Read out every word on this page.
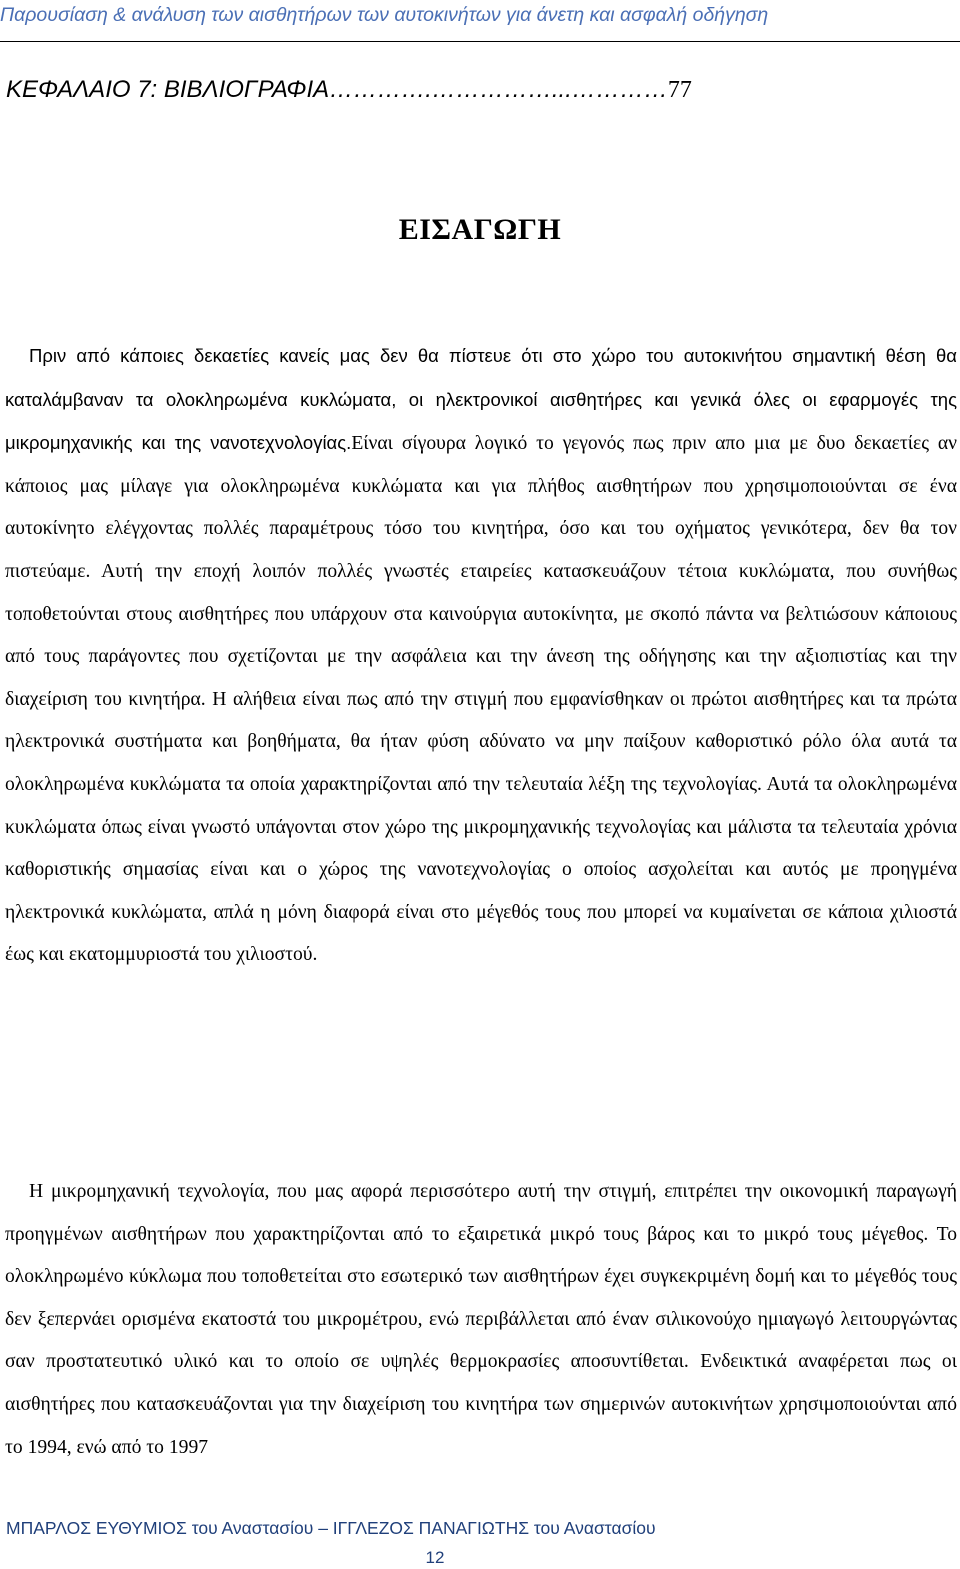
Παρουσίαση & ανάλυση των αισθητήρων των αυτοκινήτων για άνετη και ασφαλή οδήγηση
ΚΕΦΑΛΑΙΟ 7: ΒΙΒΛΙΟΓΡΑΦΙΑ………….……………...…………77
ΕΙΣΑΓΩΓΗ

Πριν από κάποιες δεκαετίες κανείς μας δεν θα πίστευε ότι στο χώρο του αυτοκινήτου σημαντική θέση θα καταλάμβαναν τα ολοκληρωμένα κυκλώματα, οι ηλεκτρονικοί αισθητήρες και γενικά όλες οι εφαρμογές της μικρομηχανικής και της νανοτεχνολογίας.Είναι σίγουρα λογικό το γεγονός πως πριν απο μια με δυο δεκαετίες αν κάποιος μας μίλαγε για ολοκληρωμένα κυκλώματα και για πλήθος αισθητήρων που χρησιμοποιούνται σε ένα αυτοκίνητο ελέγχοντας πολλές παραμέτρους τόσο του κινητήρα, όσο και του οχήματος γενικότερα, δεν θα τον πιστεύαμε. Αυτή την εποχή λοιπόν πολλές γνωστές εταιρείες κατασκευάζουν τέτοια κυκλώματα, που συνήθως τοποθετούνται στους αισθητήρες που υπάρχουν στα καινούργια αυτοκίνητα, με σκοπό πάντα να βελτιώσουν κάποιους από τους παράγοντες που σχετίζονται με την ασφάλεια και την άνεση της οδήγησης και την αξιοπιστίας και την διαχείριση του κινητήρα. Η αλήθεια είναι πως από την στιγμή που εμφανίσθηκαν οι πρώτοι αισθητήρες και τα πρώτα ηλεκτρονικά συστήματα και βοηθήματα, θα ήταν φύση αδύνατο να μην παίξουν καθοριστικό ρόλο όλα αυτά τα ολοκληρωμένα κυκλώματα τα οποία χαρακτηρίζονται από την τελευταία λέξη της τεχνολογίας. Αυτά τα ολοκληρωμένα κυκλώματα όπως είναι γνωστό υπάγονται στον χώρο της μικρομηχανικής τεχνολογίας και μάλιστα τα τελευταία χρόνια καθοριστικής σημασίας είναι και ο χώρος της νανοτεχνολογίας ο οποίος ασχολείται και αυτός με προηγμένα ηλεκτρονικά κυκλώματα, απλά η μόνη διαφορά είναι στο μέγεθός τους που μπορεί να κυμαίνεται σε κάποια χιλιοστά έως και εκατομμυριοστά του χιλιοστού.

Η μικρομηχανική τεχνολογία, που μας αφορά περισσότερο αυτή την στιγμή, επιτρέπει την οικονομική παραγωγή προηγμένων αισθητήρων που χαρακτηρίζονται από το εξαιρετικά μικρό τους βάρος και το μικρό τους μέγεθος. Το ολοκληρωμένο κύκλωμα που τοποθετείται στο εσωτερικό των αισθητήρων έχει συγκεκριμένη δομή και το μέγεθός τους δεν ξεπερνάει ορισμένα εκατοστά του μικρομέτρου, ενώ περιβάλλεται από έναν σιλικονούχο ημιαγωγό λειτουργώντας σαν προστατευτικό υλικό και το οποίο σε υψηλές θερμοκρασίες αποσυντίθεται. Ενδεικτικά αναφέρεται πως οι αισθητήρες που κατασκευάζονται για την διαχείριση του κινητήρα των σημερινών αυτοκινήτων χρησιμοποιούνται από το 1994, ενώ από το 1997

ΜΠΑΡΛΟΣ ΕΥΘΥΜΙΟΣ του Αναστασίου – ΙΓΓΛΕΖΟΣ ΠΑΝΑΓΙΩΤΗΣ του Αναστασίου
12
